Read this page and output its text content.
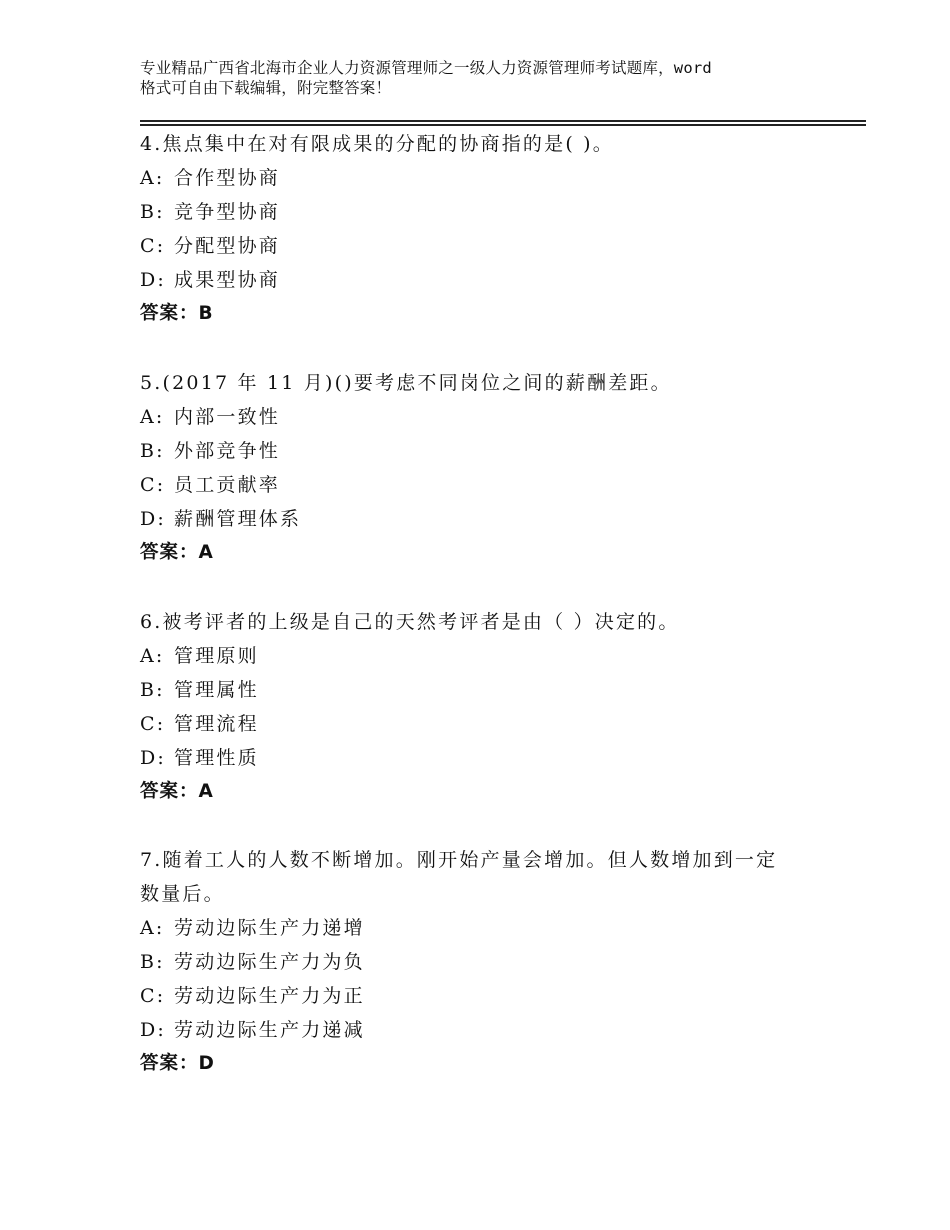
专业精品广西省北海市企业人力资源管理师之一级人力资源管理师考试题库，word
格式可自由下载编辑，附完整答案！
4.焦点集中在对有限成果的分配的协商指的是( )。
A: 合作型协商
B: 竞争型协商
C: 分配型协商
D: 成果型协商
答案：B
5.(2017 年 11 月)()要考虑不同岗位之间的薪酬差距。
A: 内部一致性
B: 外部竞争性
C: 员工贡献率
D: 薪酬管理体系
答案：A
6.被考评者的上级是自己的天然考评者是由（ ）决定的。
A: 管理原则
B: 管理属性
C: 管理流程
D: 管理性质
答案：A
7.随着工人的人数不断增加。刚开始产量会增加。但人数增加到一定
数量后。
A: 劳动边际生产力递增
B: 劳动边际生产力为负
C: 劳动边际生产力为正
D: 劳动边际生产力递减
答案：D
